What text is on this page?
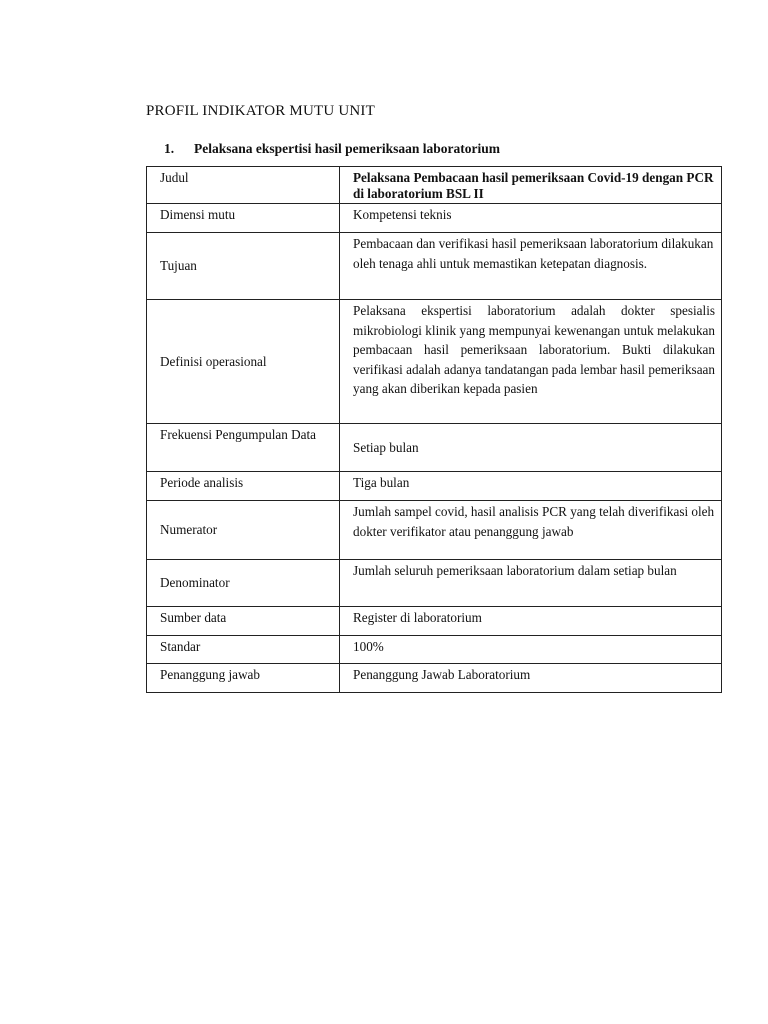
PROFIL INDIKATOR MUTU UNIT
1.	Pelaksana ekspertisi hasil pemeriksaan laboratorium
Judul	Pelaksana Pembacaan hasil pemeriksaan Covid-19 dengan PCR di laboratorium BSL II
Dimensi mutu	Kompetensi teknis
Tujuan	Pembacaan dan verifikasi hasil pemeriksaan laboratorium dilakukan oleh tenaga ahli untuk memastikan ketepatan diagnosis.
Definisi operasional	Pelaksana ekspertisi laboratorium adalah dokter spesialis mikrobiologi klinik yang mempunyai kewenangan untuk melakukan pembacaan hasil pemeriksaan laboratorium. Bukti dilakukan verifikasi adalah adanya tandatangan pada lembar hasil pemeriksaan yang akan diberikan kepada pasien
Frekuensi Pengumpulan Data	Setiap bulan
Periode analisis	Tiga bulan
Numerator	Jumlah sampel covid, hasil analisis PCR yang telah diverifikasi oleh dokter verifikator atau penanggung jawab
Denominator	Jumlah seluruh pemeriksaan laboratorium dalam setiap bulan
Sumber data	Register di laboratorium
Standar	100%
Penanggung jawab	Penanggung Jawab Laboratorium
